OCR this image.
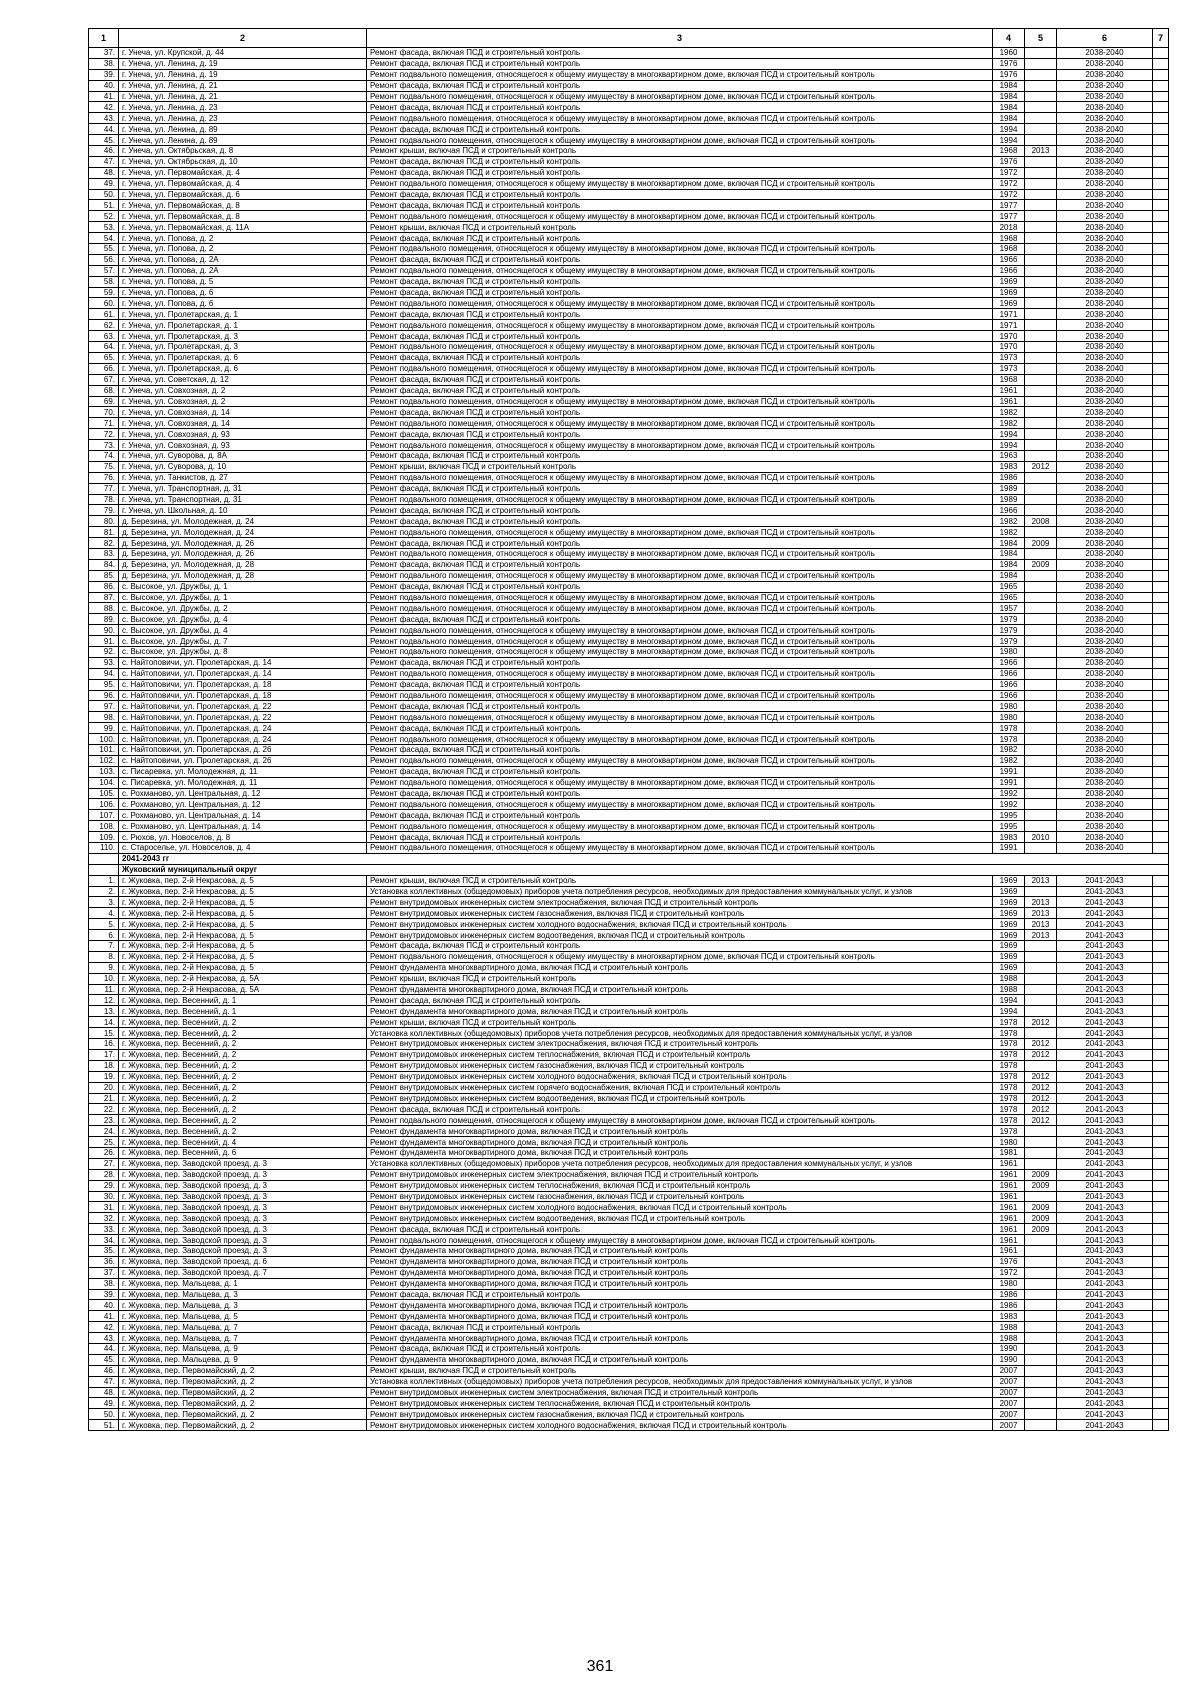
1	2	3	4	5	6	7
37.	г. Унеча, ул. Крупской, д. 44	Ремонт фасада, включая ПСД и строительный контроль	1960		2038-2040	
38.	г. Унеча, ул. Ленина, д. 19	Ремонт фасада, включая ПСД и строительный контроль	1976		2038-2040	
39.	г. Унеча, ул. Ленина, д. 19	Ремонт подвального помещения, относящегося к общему имуществу в многоквартирном доме, включая ПСД и строительный контроль	1976		2038-2040	
40.	г. Унеча, ул. Ленина, д. 21	Ремонт фасада, включая ПСД и строительный контроль	1984		2038-2040	
41.	г. Унеча, ул. Ленина, д. 21	Ремонт подвального помещения, относящегося к общему имуществу в многоквартирном доме, включая ПСД и строительный контроль	1984		2038-2040	
42.	г. Унеча, ул. Ленина, д. 23	Ремонт фасада, включая ПСД и строительный контроль	1984		2038-2040	
43.	г. Унеча, ул. Ленина, д. 23	Ремонт подвального помещения, относящегося к общему имуществу в многоквартирном доме, включая ПСД и строительный контроль	1984		2038-2040	
44.	г. Унеча, ул. Ленина, д. 89	Ремонт фасада, включая ПСД и строительный контроль	1994		2038-2040	
45.	г. Унеча, ул. Ленина, д. 89	Ремонт подвального помещения, относящегося к общему имуществу в многоквартирном доме, включая ПСД и строительный контроль	1994		2038-2040	
46.	г. Унеча, ул. Октябрьская, д. 8	Ремонт крыши, включая ПСД и строительный контроль	1968	2013	2038-2040	
47.	г. Унеча, ул. Октябрьская, д. 10	Ремонт фасада, включая ПСД и строительный контроль	1976		2038-2040	
48.	г. Унеча, ул. Первомайская, д. 4	Ремонт фасада, включая ПСД и строительный контроль	1972		2038-2040	
49.	г. Унеча, ул. Первомайская, д. 4	Ремонт подвального помещения, относящегося к общему имуществу в многоквартирном доме, включая ПСД и строительный контроль	1972		2038-2040	
50.	г. Унеча, ул. Первомайская, д. 6	Ремонт фасада, включая ПСД и строительный контроль	1972		2038-2040	
51.	г. Унеча, ул. Первомайская, д. 8	Ремонт фасада, включая ПСД и строительный контроль	1977		2038-2040	
52.	г. Унеча, ул. Первомайская, д. 8	Ремонт подвального помещения, относящегося к общему имуществу в многоквартирном доме, включая ПСД и строительный контроль	1977		2038-2040	
53.	г. Унеча, ул. Первомайская, д. 11А	Ремонт крыши, включая ПСД и строительный контроль	2018		2038-2040	
54.	г. Унеча, ул. Попова, д. 2	Ремонт фасада, включая ПСД и строительный контроль	1968		2038-2040	
55.	г. Унеча, ул. Попова, д. 2	Ремонт подвального помещения, относящегося к общему имуществу в многоквартирном доме, включая ПСД и строительный контроль	1968		2038-2040	
56.	г. Унеча, ул. Попова, д. 2А	Ремонт фасада, включая ПСД и строительный контроль	1966		2038-2040	
57.	г. Унеча, ул. Попова, д. 2А	Ремонт подвального помещения, относящегося к общему имуществу в многоквартирном доме, включая ПСД и строительный контроль	1966		2038-2040	
58.	г. Унеча, ул. Попова, д. 5	Ремонт фасада, включая ПСД и строительный контроль	1969		2038-2040	
59.	г. Унеча, ул. Попова, д. 6	Ремонт фасада, включая ПСД и строительный контроль	1969		2038-2040	
60.	г. Унеча, ул. Попова, д. 6	Ремонт подвального помещения, относящегося к общему имуществу в многоквартирном доме, включая ПСД и строительный контроль	1969		2038-2040	
61.	г. Унеча, ул. Пролетарская, д. 1	Ремонт фасада, включая ПСД и строительный контроль	1971		2038-2040	
62.	г. Унеча, ул. Пролетарская, д. 1	Ремонт подвального помещения, относящегося к общему имуществу в многоквартирном доме, включая ПСД и строительный контроль	1971		2038-2040	
63.	г. Унеча, ул. Пролетарская, д. 3	Ремонт фасада, включая ПСД и строительный контроль	1970		2038-2040	
64.	г. Унеча, ул. Пролетарская, д. 3	Ремонт подвального помещения, относящегося к общему имуществу в многоквартирном доме, включая ПСД и строительный контроль	1970		2038-2040	
65.	г. Унеча, ул. Пролетарская, д. 6	Ремонт фасада, включая ПСД и строительный контроль	1973		2038-2040	
66.	г. Унеча, ул. Пролетарская, д. 6	Ремонт подвального помещения, относящегося к общему имуществу в многоквартирном доме, включая ПСД и строительный контроль	1973		2038-2040	
67.	г. Унеча, ул. Советская, д. 12	Ремонт фасада, включая ПСД и строительный контроль	1968		2038-2040	
68.	г. Унеча, ул. Совхозная, д. 2	Ремонт фасада, включая ПСД и строительный контроль	1961		2038-2040	
69.	г. Унеча, ул. Совхозная, д. 2	Ремонт подвального помещения, относящегося к общему имуществу в многоквартирном доме, включая ПСД и строительный контроль	1961		2038-2040	
70.	г. Унеча, ул. Совхозная, д. 14	Ремонт фасада, включая ПСД и строительный контроль	1982		2038-2040	
71.	г. Унеча, ул. Совхозная, д. 14	Ремонт подвального помещения, относящегося к общему имуществу в многоквартирном доме, включая ПСД и строительный контроль	1982		2038-2040	
72.	г. Унеча, ул. Совхозная, д. 93	Ремонт фасада, включая ПСД и строительный контроль	1994		2038-2040	
73.	г. Унеча, ул. Совхозная, д. 93	Ремонт подвального помещения, относящегося к общему имуществу в многоквартирном доме, включая ПСД и строительный контроль	1994		2038-2040	
74.	г. Унеча, ул. Суворова, д. 8А	Ремонт фасада, включая ПСД и строительный контроль	1963		2038-2040	
75.	г. Унеча, ул. Суворова, д. 10	Ремонт крыши, включая ПСД и строительный контроль	1983	2012	2038-2040	
76.	г. Унеча, ул. Танкистов, д. 27	Ремонт подвального помещения, относящегося к общему имуществу в многоквартирном доме, включая ПСД и строительный контроль	1986		2038-2040	
77.	г. Унеча, ул. Транспортная, д. 31	Ремонт фасада, включая ПСД и строительный контроль	1989		2038-2040	
78.	г. Унеча, ул. Транспортная, д. 31	Ремонт подвального помещения, относящегося к общему имуществу в многоквартирном доме, включая ПСД и строительный контроль	1989		2038-2040	
79.	г. Унеча, ул. Школьная, д. 10	Ремонт фасада, включая ПСД и строительный контроль	1966		2038-2040	
80.	д. Березина, ул. Молодежная, д. 24	Ремонт фасада, включая ПСД и строительный контроль	1982	2008	2038-2040	
81.	д. Березина, ул. Молодежная, д. 24	Ремонт подвального помещения, относящегося к общему имуществу в многоквартирном доме, включая ПСД и строительный контроль	1982		2038-2040	
82.	д. Березина, ул. Молодежная, д. 26	Ремонт фасада, включая ПСД и строительный контроль	1984	2009	2038-2040	
83.	д. Березина, ул. Молодежная, д. 26	Ремонт подвального помещения, относящегося к общему имуществу в многоквартирном доме, включая ПСД и строительный контроль	1984		2038-2040	
84.	д. Березина, ул. Молодежная, д. 28	Ремонт фасада, включая ПСД и строительный контроль	1984	2009	2038-2040	
85.	д. Березина, ул. Молодежная, д. 28	Ремонт подвального помещения, относящегося к общему имуществу в многоквартирном доме, включая ПСД и строительный контроль	1984		2038-2040	
86.	с. Высокое, ул. Дружбы, д. 1	Ремонт фасада, включая ПСД и строительный контроль	1965		2038-2040	
87.	с. Высокое, ул. Дружбы, д. 1	Ремонт подвального помещения, относящегося к общему имуществу в многоквартирном доме, включая ПСД и строительный контроль	1965		2038-2040	
88.	с. Высокое, ул. Дружбы, д. 2	Ремонт подвального помещения, относящегося к общему имуществу в многоквартирном доме, включая ПСД и строительный контроль	1957		2038-2040	
89.	с. Высокое, ул. Дружбы, д. 4	Ремонт фасада, включая ПСД и строительный контроль	1979		2038-2040	
90.	с. Высокое, ул. Дружбы, д. 4	Ремонт подвального помещения, относящегося к общему имуществу в многоквартирном доме, включая ПСД и строительный контроль	1979		2038-2040	
91.	с. Высокое, ул. Дружбы, д. 7	Ремонт подвального помещения, относящегося к общему имуществу в многоквартирном доме, включая ПСД и строительный контроль	1979		2038-2040	
92.	с. Высокое, ул. Дружбы, д. 8	Ремонт подвального помещения, относящегося к общему имуществу в многоквартирном доме, включая ПСД и строительный контроль	1980		2038-2040	
93.	с. Найтоповичи, ул. Пролетарская, д. 14	Ремонт фасада, включая ПСД и строительный контроль	1966		2038-2040	
94.	с. Найтоповичи, ул. Пролетарская, д. 14	Ремонт подвального помещения, относящегося к общему имуществу в многоквартирном доме, включая ПСД и строительный контроль	1966		2038-2040	
95.	с. Найтоповичи, ул. Пролетарская, д. 18	Ремонт фасада, включая ПСД и строительный контроль	1966		2038-2040	
96.	с. Найтоповичи, ул. Пролетарская, д. 18	Ремонт подвального помещения, относящегося к общему имуществу в многоквартирном доме, включая ПСД и строительный контроль	1966		2038-2040	
97.	с. Найтоповичи, ул. Пролетарская, д. 22	Ремонт фасада, включая ПСД и строительный контроль	1980		2038-2040	
98.	с. Найтоповичи, ул. Пролетарская, д. 22	Ремонт подвального помещения, относящегося к общему имуществу в многоквартирном доме, включая ПСД и строительный контроль	1980		2038-2040	
99.	с. Найтоповичи, ул. Пролетарская, д. 24	Ремонт фасада, включая ПСД и строительный контроль	1978		2038-2040	
100.	с. Найтоповичи, ул. Пролетарская, д. 24	Ремонт подвального помещения, относящегося к общему имуществу в многоквартирном доме, включая ПСД и строительный контроль	1978		2038-2040	
101.	с. Найтоповичи, ул. Пролетарская, д. 26	Ремонт фасада, включая ПСД и строительный контроль	1982		2038-2040	
102.	с. Найтоповичи, ул. Пролетарская, д. 26	Ремонт подвального помещения, относящегося к общему имуществу в многоквартирном доме, включая ПСД и строительный контроль	1982		2038-2040	
103.	с. Писаревка, ул. Молодежная, д. 11	Ремонт фасада, включая ПСД и строительный контроль	1991		2038-2040	
104.	с. Писаревка, ул. Молодежная, д. 11	Ремонт подвального помещения, относящегося к общему имуществу в многоквартирном доме, включая ПСД и строительный контроль	1991		2038-2040	
105.	с. Рохманово, ул. Центральная, д. 12	Ремонт фасада, включая ПСД и строительный контроль	1992		2038-2040	
106.	с. Рохманово, ул. Центральная, д. 12	Ремонт подвального помещения, относящегося к общему имуществу в многоквартирном доме, включая ПСД и строительный контроль	1992		2038-2040	
107.	с. Рохманово, ул. Центральная, д. 14	Ремонт фасада, включая ПСД и строительный контроль	1995		2038-2040	
108.	с. Рохманово, ул. Центральная, д. 14	Ремонт подвального помещения, относящегося к общему имуществу в многоквартирном доме, включая ПСД и строительный контроль	1995		2038-2040	
109.	с. Рюхов, ул. Новоселов, д. 8	Ремонт фасада, включая ПСД и строительный контроль	1983	2010	2038-2040	
110.	с. Староселье, ул. Новоселов, д. 4	Ремонт подвального помещения, относящегося к общему имуществу в многоквартирном доме, включая ПСД и строительный контроль	1991		2038-2040	
	2041-2043 гг					
	Жуковский муниципальный округ					
1.	г. Жуковка, пер. 2-й Некрасова, д. 5	Ремонт крыши, включая ПСД и строительный контроль	1969	2013	2041-2043	
2.	г. Жуковка, пер. 2-й Некрасова, д. 5	Установка коллективных (общедомовых) приборов учета потребления ресурсов, необходимых для предоставления коммунальных услуг, и узлов	1969		2041-2043	
3.	г. Жуковка, пер. 2-й Некрасова, д. 5	Ремонт внутридомовых инженерных систем электроснабжения, включая ПСД и строительный контроль	1969	2013	2041-2043	
4.	г. Жуковка, пер. 2-й Некрасова, д. 5	Ремонт внутридомовых инженерных систем газоснабжения, включая ПСД и строительный контроль	1969	2013	2041-2043	
5.	г. Жуковка, пер. 2-й Некрасова, д. 5	Ремонт внутридомовых инженерных систем холодного водоснабжения, включая ПСД и строительный контроль	1969	2013	2041-2043	
6.	г. Жуковка, пер. 2-й Некрасова, д. 5	Ремонт внутридомовых инженерных систем водоотведения, включая ПСД и строительный контроль	1969	2013	2041-2043	
7.	г. Жуковка, пер. 2-й Некрасова, д. 5	Ремонт фасада, включая ПСД и строительный контроль	1969		2041-2043	
8.	г. Жуковка, пер. 2-й Некрасова, д. 5	Ремонт подвального помещения, относящегося к общему имуществу в многоквартирном доме, включая ПСД и строительный контроль	1969		2041-2043	
9.	г. Жуковка, пер. 2-й Некрасова, д. 5	Ремонт фундамента многоквартирного дома, включая ПСД и строительный контроль	1969		2041-2043	
10.	г. Жуковка, пер. 2-й Некрасова, д. 5А	Ремонт крыши, включая ПСД и строительный контроль	1988		2041-2043	
11.	г. Жуковка, пер. 2-й Некрасова, д. 5А	Ремонт фундамента многоквартирного дома, включая ПСД и строительный контроль	1988		2041-2043	
12.	г. Жуковка, пер. Весенний, д. 1	Ремонт фасада, включая ПСД и строительный контроль	1994		2041-2043	
13.	г. Жуковка, пер. Весенний, д. 1	Ремонт фундамента многоквартирного дома, включая ПСД и строительный контроль	1994		2041-2043	
14.	г. Жуковка, пер. Весенний, д. 2	Ремонт крыши, включая ПСД и строительный контроль	1978	2012	2041-2043	
15.	г. Жуковка, пер. Весенний, д. 2	Установка коллективных (общедомовых) приборов учета потребления ресурсов, необходимых для предоставления коммунальных услуг, и узлов	1978		2041-2043	
16.	г. Жуковка, пер. Весенний, д. 2	Ремонт внутридомовых инженерных систем электроснабжения, включая ПСД и строительный контроль	1978	2012	2041-2043	
17.	г. Жуковка, пер. Весенний, д. 2	Ремонт внутридомовых инженерных систем теплоснабжения, включая ПСД и строительный контроль	1978	2012	2041-2043	
18.	г. Жуковка, пер. Весенний, д. 2	Ремонт внутридомовых инженерных систем газоснабжения, включая ПСД и строительный контроль	1978		2041-2043	
19.	г. Жуковка, пер. Весенний, д. 2	Ремонт внутридомовых инженерных систем холодного водоснабжения, включая ПСД и строительный контроль	1978	2012	2041-2043	
20.	г. Жуковка, пер. Весенний, д. 2	Ремонт внутридомовых инженерных систем горячего водоснабжения, включая ПСД и строительный контроль	1978	2012	2041-2043	
21.	г. Жуковка, пер. Весенний, д. 2	Ремонт внутридомовых инженерных систем водоотведения, включая ПСД и строительный контроль	1978	2012	2041-2043	
22.	г. Жуковка, пер. Весенний, д. 2	Ремонт фасада, включая ПСД и строительный контроль	1978	2012	2041-2043	
23.	г. Жуковка, пер. Весенний, д. 2	Ремонт подвального помещения, относящегося к общему имуществу в многоквартирном доме, включая ПСД и строительный контроль	1978	2012	2041-2043	
24.	г. Жуковка, пер. Весенний, д. 2	Ремонт фундамента многоквартирного дома, включая ПСД и строительный контроль	1978		2041-2043	
25.	г. Жуковка, пер. Весенний, д. 4	Ремонт фундамента многоквартирного дома, включая ПСД и строительный контроль	1980		2041-2043	
26.	г. Жуковка, пер. Весенний, д. 6	Ремонт фундамента многоквартирного дома, включая ПСД и строительный контроль	1981		2041-2043	
27.	г. Жуковка, пер. Заводской проезд, д. 3	Установка коллективных (общедомовых) приборов учета потребления ресурсов, необходимых для предоставления коммунальных услуг, и узлов	1961		2041-2043	
28.	г. Жуковка, пер. Заводской проезд, д. 3	Ремонт внутридомовых инженерных систем электроснабжения, включая ПСД и строительный контроль	1961	2009	2041-2043	
29.	г. Жуковка, пер. Заводской проезд, д. 3	Ремонт внутридомовых инженерных систем теплоснабжения, включая ПСД и строительный контроль	1961	2009	2041-2043	
30.	г. Жуковка, пер. Заводской проезд, д. 3	Ремонт внутридомовых инженерных систем газоснабжения, включая ПСД и строительный контроль	1961		2041-2043	
31.	г. Жуковка, пер. Заводской проезд, д. 3	Ремонт внутридомовых инженерных систем холодного водоснабжения, включая ПСД и строительный контроль	1961	2009	2041-2043	
32.	г. Жуковка, пер. Заводской проезд, д. 3	Ремонт внутридомовых инженерных систем водоотведения, включая ПСД и строительный контроль	1961	2009	2041-2043	
33.	г. Жуковка, пер. Заводской проезд, д. 3	Ремонт фасада, включая ПСД и строительный контроль	1961	2009	2041-2043	
34.	г. Жуковка, пер. Заводской проезд, д. 3	Ремонт подвального помещения, относящегося к общему имуществу в многоквартирном доме, включая ПСД и строительный контроль	1961		2041-2043	
35.	г. Жуковка, пер. Заводской проезд, д. 3	Ремонт фундамента многоквартирного дома, включая ПСД и строительный контроль	1961		2041-2043	
36.	г. Жуковка, пер. Заводской проезд, д. 6	Ремонт фундамента многоквартирного дома, включая ПСД и строительный контроль	1976		2041-2043	
37.	г. Жуковка, пер. Заводской проезд, д. 7	Ремонт фундамента многоквартирного дома, включая ПСД и строительный контроль	1972		2041-2043	
38.	г. Жуковка, пер. Мальцева, д. 1	Ремонт фундамента многоквартирного дома, включая ПСД и строительный контроль	1980		2041-2043	
39.	г. Жуковка, пер. Мальцева, д. 3	Ремонт фасада, включая ПСД и строительный контроль	1986		2041-2043	
40.	г. Жуковка, пер. Мальцева, д. 3	Ремонт фундамента многоквартирного дома, включая ПСД и строительный контроль	1986		2041-2043	
41.	г. Жуковка, пер. Мальцева, д. 5	Ремонт фундамента многоквартирного дома, включая ПСД и строительный контроль	1983		2041-2043	
42.	г. Жуковка, пер. Мальцева, д. 7	Ремонт фасада, включая ПСД и строительный контроль	1988		2041-2043	
43.	г. Жуковка, пер. Мальцева, д. 7	Ремонт фундамента многоквартирного дома, включая ПСД и строительный контроль	1988		2041-2043	
44.	г. Жуковка, пер. Мальцева, д. 9	Ремонт фасада, включая ПСД и строительный контроль	1990		2041-2043	
45.	г. Жуковка, пер. Мальцева, д. 9	Ремонт фундамента многоквартирного дома, включая ПСД и строительный контроль	1990		2041-2043	
46.	г. Жуковка, пер. Первомайский, д. 2	Ремонт крыши, включая ПСД и строительный контроль	2007		2041-2043	
47.	г. Жуковка, пер. Первомайский, д. 2	Установка коллективных (общедомовых) приборов учета потребления ресурсов, необходимых для предоставления коммунальных услуг, и узлов	2007		2041-2043	
48.	г. Жуковка, пер. Первомайский, д. 2	Ремонт внутридомовых инженерных систем электроснабжения, включая ПСД и строительный контроль	2007		2041-2043	
49.	г. Жуковка, пер. Первомайский, д. 2	Ремонт внутридомовых инженерных систем теплоснабжения, включая ПСД и строительный контроль	2007		2041-2043	
50.	г. Жуковка, пер. Первомайский, д. 2	Ремонт внутридомовых инженерных систем газоснабжения, включая ПСД и строительный контроль	2007		2041-2043	
51.	г. Жуковка, пер. Первомайский, д. 2	Ремонт внутридомовых инженерных систем холодного водоснабжения, включая ПСД и строительный контроль	2007		2041-2043	
361
